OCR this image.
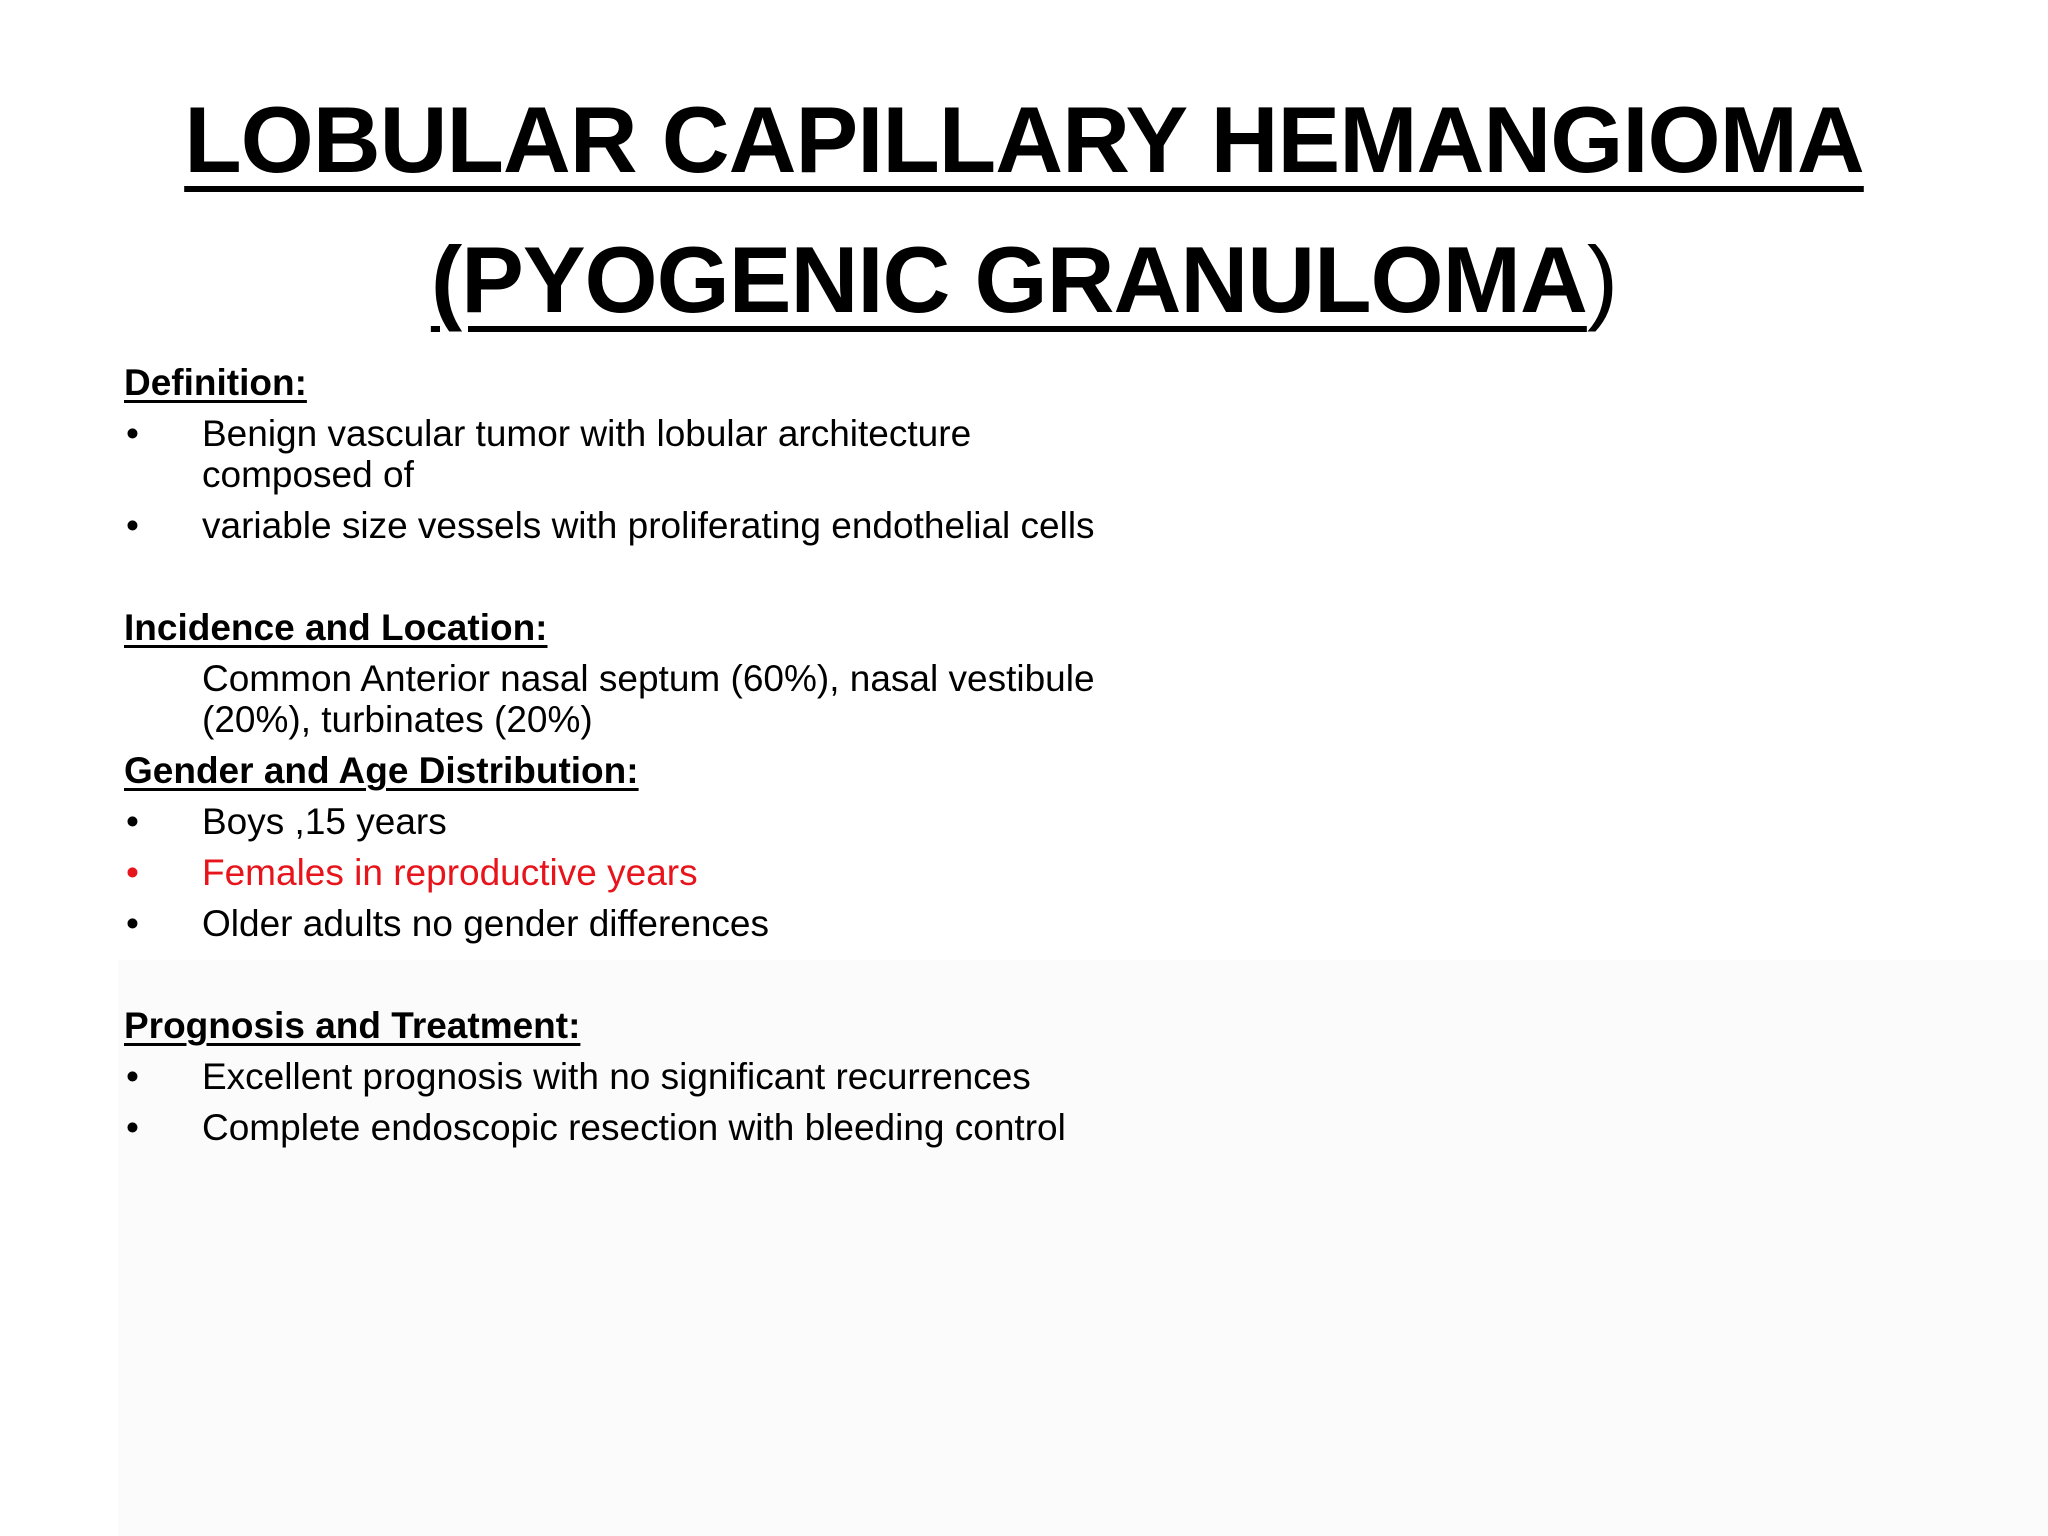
LOBULAR CAPILLARY HEMANGIOMA
(PYOGENIC GRANULOMA)
Definition:
• Benign vascular tumor with lobular architecture composed of
• variable size vessels with proliferating endothelial cells
Incidence and Location:
Common Anterior nasal septum (60%), nasal vestibule (20%), turbinates (20%)
Gender and Age Distribution:
• Boys ,15 years
• Females in reproductive years
• Older adults no gender differences
Prognosis and Treatment:
• Excellent prognosis with no significant recurrences
• Complete endoscopic resection with bleeding control
